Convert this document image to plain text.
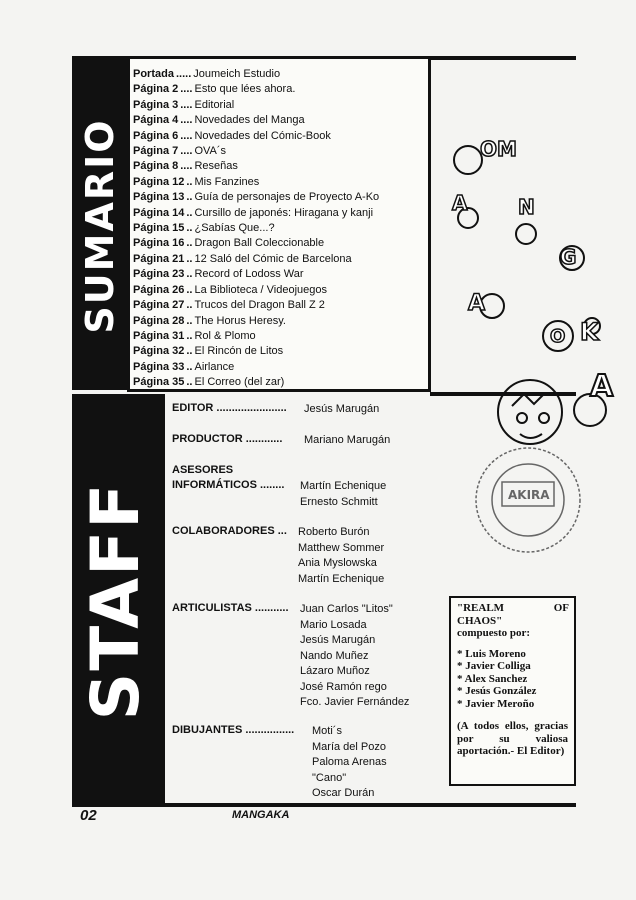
SUMARIO
Portada ..... Joumeich Estudio
Página 2 .... Esto que lées ahora.
Página 3 .... Editorial
Página 4 .... Novedades del Manga
Página 6 .... Novedades del Cómic-Book
Página 7 .... OVA´s
Página 8 .... Reseñas
Página 12 .. Mis Fanzines
Página 13 .. Guía de personajes de Proyecto A-Ko
Página 14 .. Cursillo de japonés: Hiragana y kanji
Página 15 .. ¿Sabías Que...?
Página 16 .. Dragon Ball Coleccionable
Página 21 .. 12 Saló del Cómic de Barcelona
Página 23 .. Record of Lodoss War
Página 26 .. La Biblioteca / Videojuegos
Página 27 .. Trucos del Dragon Ball Z 2
Página 28 .. The Horus Heresy.
Página 31 .. Rol & Plomo
Página 32 .. El Rincón de Litos
Página 33 .. Airlance
Página 35 .. El Correo (del zar)
STAFF
EDITOR ....................... Jesús Marugán
PRODUCTOR ............ Mariano Marugán
ASESORES
INFORMÁTICOS ........ Martín Echenique
Ernesto Schmitt
COLABORADORES ... Roberto Burón
Matthew Sommer
Ania Myslowska
Martín Echenique
ARTICULISTAS ........... Juan Carlos "Litos"
Mario Losada
Jesús Marugán
Nando Muñez
Lázaro Muñoz
José Ramón rego
Fco. Javier Fernández
DIBUJANTES ................ Moti´s
María del Pozo
Paloma Arenas
"Cano"
Oscar Durán
"REALM OF
CHAOS"
compuesto por:
* Luis Moreno
* Javier Colliga
* Alex Sanchez
* Jesús González
* Javier Meroño
(A todos ellos, gracias por su valiosa aportación.- El Editor)
OM
A	N
G
A
O K
A
AKIRA
02	MANGAKA
